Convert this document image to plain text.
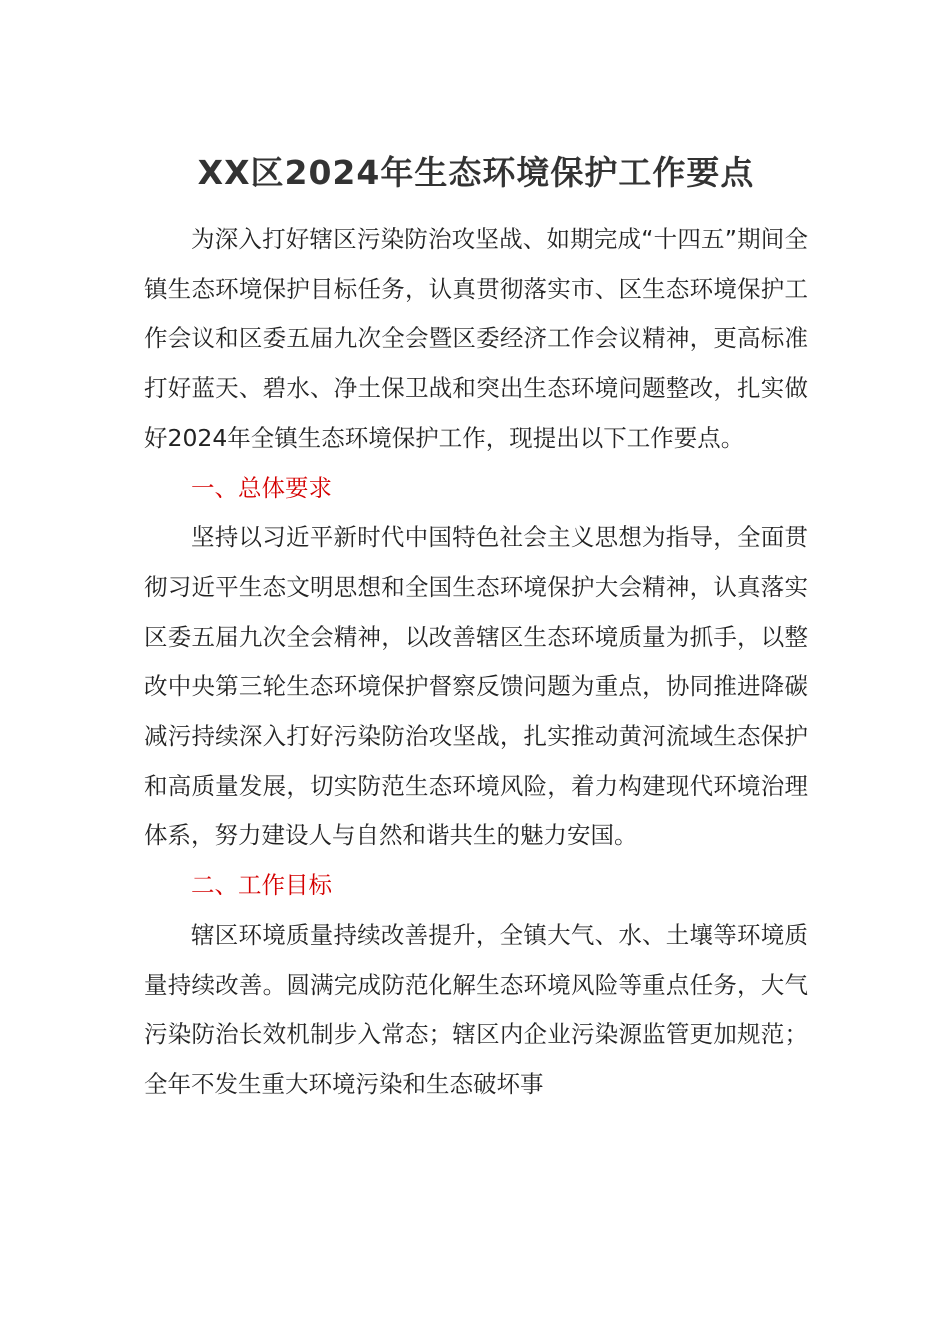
XX区2024年生态环境保护工作要点

为深入打好辖区污染防治攻坚战、如期完成“十四五”期间全镇生态环境保护目标任务，认真贯彻落实市、区生态环境保护工作会议和区委五届九次全会暨区委经济工作会议精神，更高标准打好蓝天、碧水、净土保卫战和突出生态环境问题整改，扎实做好2024年全镇生态环境保护工作，现提出以下工作要点。

一、总体要求

坚持以习近平新时代中国特色社会主义思想为指导，全面贯彻习近平生态文明思想和全国生态环境保护大会精神，认真落实区委五届九次全会精神，以改善辖区生态环境质量为抓手，以整改中央第三轮生态环境保护督察反馈问题为重点，协同推进降碳减污持续深入打好污染防治攻坚战，扎实推动黄河流域生态保护和高质量发展，切实防范生态环境风险，着力构建现代环境治理体系，努力建设人与自然和谐共生的魅力安国。

二、工作目标

辖区环境质量持续改善提升，全镇大气、水、土壤等环境质量持续改善。圆满完成防范化解生态环境风险等重点任务，大气污染防治长效机制步入常态；辖区内企业污染源监管更加规范；全年不发生重大环境污染和生态破坏事
